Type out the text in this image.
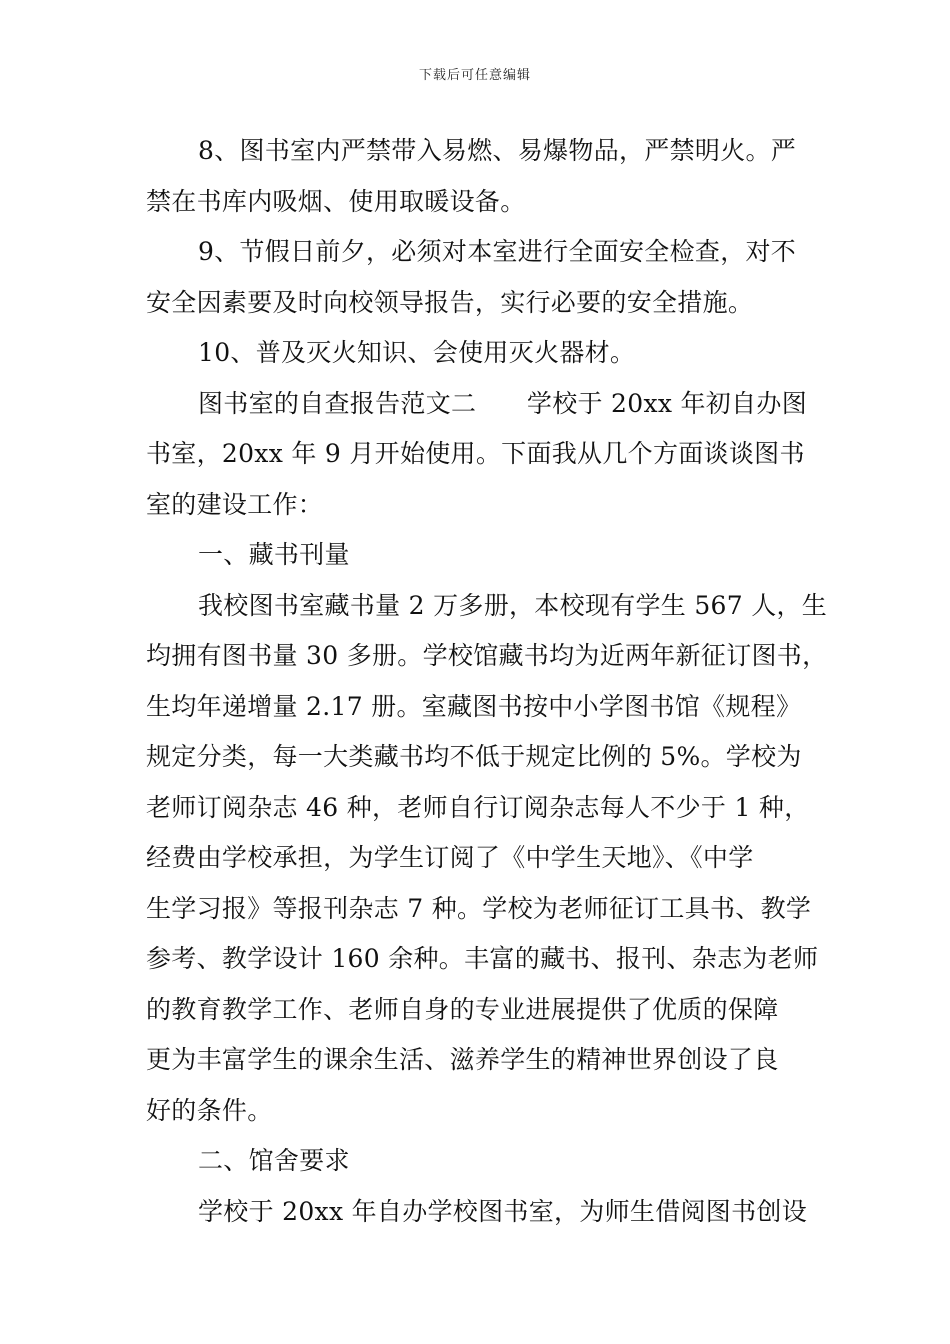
下载后可任意编辑
8、图书室内严禁带入易燃、易爆物品，严禁明火。严
禁在书库内吸烟、使用取暖设备。
9、节假日前夕，必须对本室进行全面安全检查，对不
安全因素要及时向校领导报告，实行必要的安全措施。
10、普及灭火知识、会使用灭火器材。
图书室的自查报告范文二　　学校于 20xx 年初自办图
书室，20xx 年 9 月开始使用。下面我从几个方面谈谈图书
室的建设工作：
一、藏书刊量
我校图书室藏书量 2 万多册，本校现有学生 567 人，生
均拥有图书量 30 多册。学校馆藏书均为近两年新征订图书，
生均年递增量 2.17 册。室藏图书按中小学图书馆《规程》
规定分类，每一大类藏书均不低于规定比例的 5%。学校为
老师订阅杂志 46 种，老师自行订阅杂志每人不少于 1 种，
经费由学校承担，为学生订阅了《中学生天地》、《中学
生学习报》等报刊杂志 7 种。学校为老师征订工具书、教学
参考、教学设计 160 余种。丰富的藏书、报刊、杂志为老师
的教育教学工作、老师自身的专业进展提供了优质的保障
更为丰富学生的课余生活、滋养学生的精神世界创设了良
好的条件。
二、馆舍要求
学校于 20xx 年自办学校图书室，为师生借阅图书创设
